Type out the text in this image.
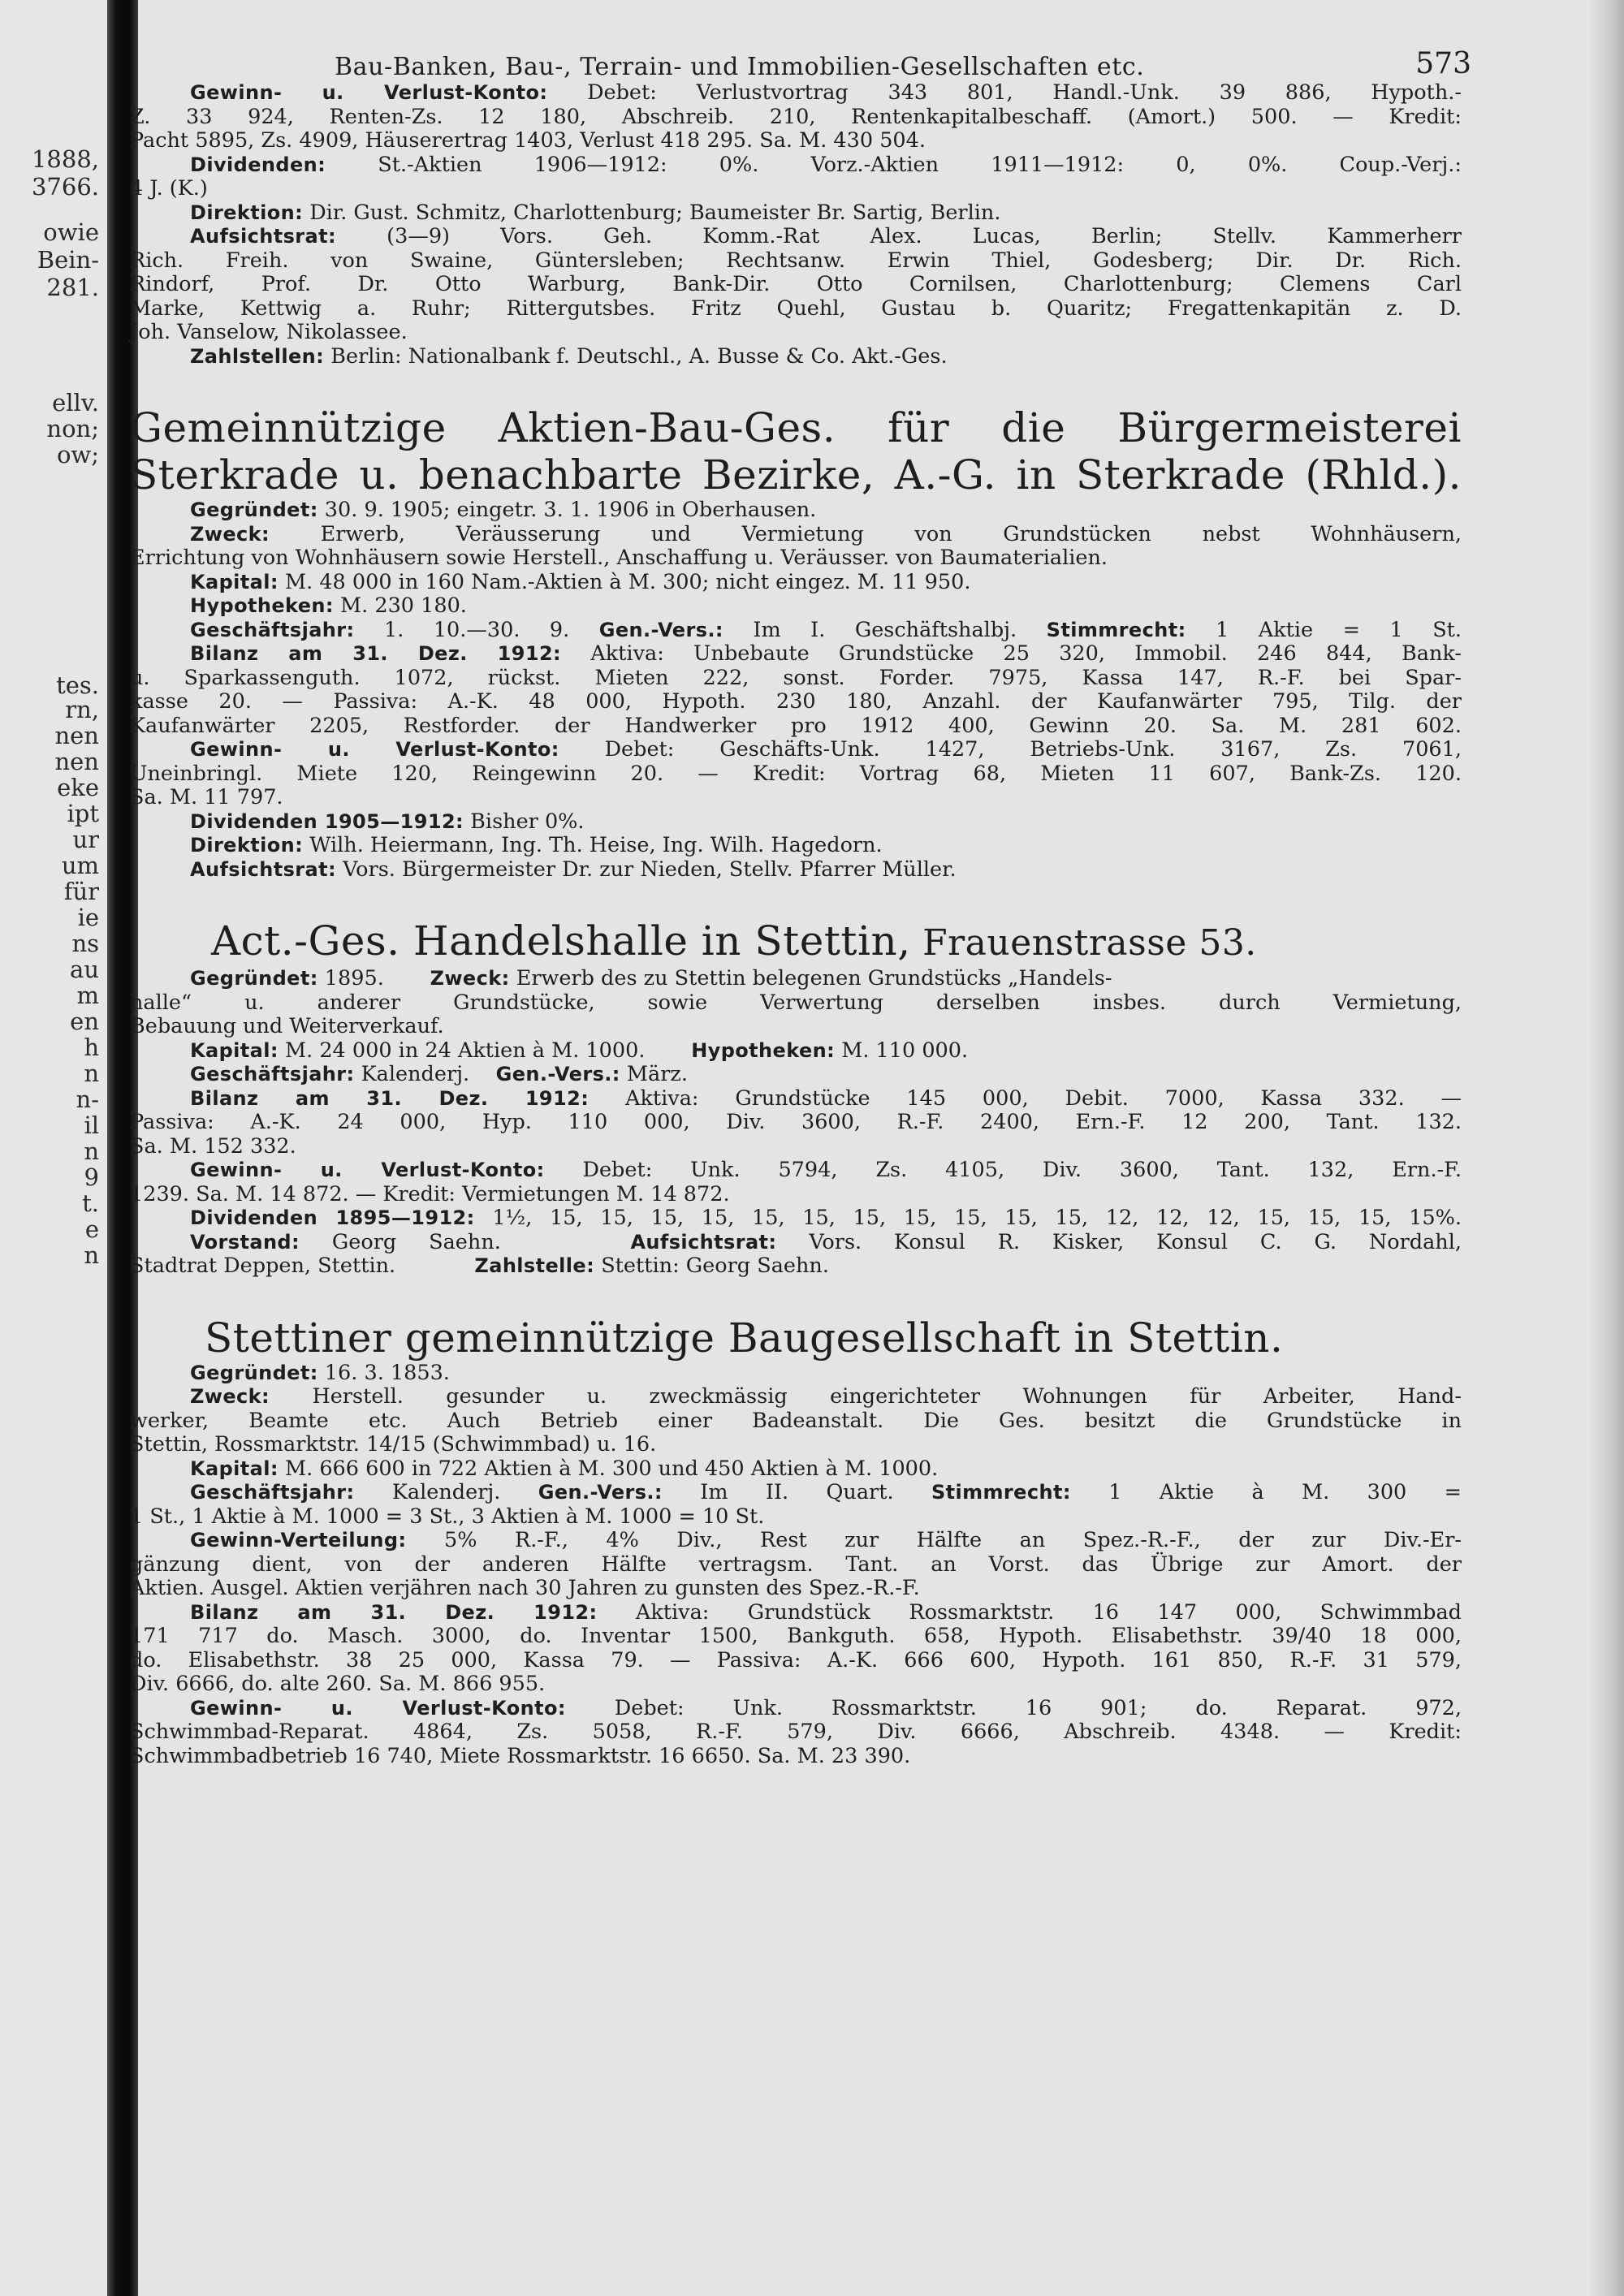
1888,
3766.
owie
Bein-
281.
ellv.
non;
ow;
tes.
rn,
nen
nen
eke
ipt
ur
um
für
ie
ns
au
m
en
h
n
n-
il
n
9
t.
e
n
Bau-Banken, Bau-, Terrain- und Immobilien-Gesellschaften etc.	573
Gewinn- u. Verlust-Konto: Debet: Verlustvortrag 343 801, Handl.-Unk. 39 886, Hypoth.-
Z. 33 924, Renten-Zs. 12 180, Abschreib. 210, Rentenkapitalbeschaff. (Amort.) 500. — Kredit:
Pacht 5895, Zs. 4909, Häuserertrag 1403, Verlust 418 295. Sa. M. 430 504.
Dividenden: St.-Aktien 1906—1912: 0%. Vorz.-Aktien 1911—1912: 0, 0%. Coup.-Verj.:
4 J. (K.)
Direktion: Dir. Gust. Schmitz, Charlottenburg; Baumeister Br. Sartig, Berlin.
Aufsichtsrat: (3—9) Vors. Geh. Komm.-Rat Alex. Lucas, Berlin; Stellv. Kammerherr
Rich. Freih. von Swaine, Güntersleben; Rechtsanw. Erwin Thiel, Godesberg; Dir. Dr. Rich.
Rindorf, Prof. Dr. Otto Warburg, Bank-Dir. Otto Cornilsen, Charlottenburg; Clemens Carl
Marke, Kettwig a. Ruhr; Rittergutsbes. Fritz Quehl, Gustau b. Quaritz; Fregattenkapitän z. D.
Joh. Vanselow, Nikolassee.
Zahlstellen: Berlin: Nationalbank f. Deutschl., A. Busse & Co. Akt.-Ges.
Gemeinnützige Aktien-Bau-Ges. für die Bürgermeisterei
Sterkrade u. benachbarte Bezirke, A.-G. in Sterkrade (Rhld.).
Gegründet: 30. 9. 1905; eingetr. 3. 1. 1906 in Oberhausen.
Zweck: Erwerb, Veräusserung und Vermietung von Grundstücken nebst Wohnhäusern,
Errichtung von Wohnhäusern sowie Herstell., Anschaffung u. Veräusser. von Baumaterialien.
Kapital: M. 48 000 in 160 Nam.-Aktien à M. 300; nicht eingez. M. 11 950.
Hypotheken: M. 230 180.
Geschäftsjahr: 1. 10.—30. 9. Gen.-Vers.: Im I. Geschäftshalbj. Stimmrecht: 1 Aktie = 1 St.
Bilanz am 31. Dez. 1912: Aktiva: Unbebaute Grundstücke 25 320, Immobil. 246 844, Bank-
u. Sparkassenguth. 1072, rückst. Mieten 222, sonst. Forder. 7975, Kassa 147, R.-F. bei Spar-
kasse 20. — Passiva: A.-K. 48 000, Hypoth. 230 180, Anzahl. der Kaufanwärter 795, Tilg. der
Kaufanwärter 2205, Restforder. der Handwerker pro 1912 400, Gewinn 20. Sa. M. 281 602.
Gewinn- u. Verlust-Konto: Debet: Geschäfts-Unk. 1427, Betriebs-Unk. 3167, Zs. 7061,
Uneinbringl. Miete 120, Reingewinn 20. — Kredit: Vortrag 68, Mieten 11 607, Bank-Zs. 120.
Sa. M. 11 797.
Dividenden 1905—1912: Bisher 0%.
Direktion: Wilh. Heiermann, Ing. Th. Heise, Ing. Wilh. Hagedorn.
Aufsichtsrat: Vors. Bürgermeister Dr. zur Nieden, Stellv. Pfarrer Müller.
Act.-Ges. Handelshalle in Stettin, Frauenstrasse 53.
Gegründet: 1895. Zweck: Erwerb des zu Stettin belegenen Grundstücks „Handels-
halle“ u. anderer Grundstücke, sowie Verwertung derselben insbes. durch Vermietung,
Bebauung und Weiterverkauf.
Kapital: M. 24 000 in 24 Aktien à M. 1000. Hypotheken: M. 110 000.
Geschäftsjahr: Kalenderj. Gen.-Vers.: März.
Bilanz am 31. Dez. 1912: Aktiva: Grundstücke 145 000, Debit. 7000, Kassa 332. —
Passiva: A.-K. 24 000, Hyp. 110 000, Div. 3600, R.-F. 2400, Ern.-F. 12 200, Tant. 132.
Sa. M. 152 332.
Gewinn- u. Verlust-Konto: Debet: Unk. 5794, Zs. 4105, Div. 3600, Tant. 132, Ern.-F.
1239. Sa. M. 14 872. — Kredit: Vermietungen M. 14 872.
Dividenden 1895—1912: 1½, 15, 15, 15, 15, 15, 15, 15, 15, 15, 15, 15, 12, 12, 12, 15, 15, 15, 15%.
Vorstand: Georg Saehn.	Aufsichtsrat: Vors. Konsul R. Kisker, Konsul C. G. Nordahl,
Stadtrat Deppen, Stettin.	Zahlstelle: Stettin: Georg Saehn.
Stettiner gemeinnützige Baugesellschaft in Stettin.
Gegründet: 16. 3. 1853.
Zweck: Herstell. gesunder u. zweckmässig eingerichteter Wohnungen für Arbeiter, Hand-
werker, Beamte etc. Auch Betrieb einer Badeanstalt. Die Ges. besitzt die Grundstücke in
Stettin, Rossmarktstr. 14/15 (Schwimmbad) u. 16.
Kapital: M. 666 600 in 722 Aktien à M. 300 und 450 Aktien à M. 1000.
Geschäftsjahr: Kalenderj. Gen.-Vers.: Im II. Quart. Stimmrecht: 1 Aktie à M. 300 =
1 St., 1 Aktie à M. 1000 = 3 St., 3 Aktien à M. 1000 = 10 St.
Gewinn-Verteilung: 5% R.-F., 4% Div., Rest zur Hälfte an Spez.-R.-F., der zur Div.-Er-
gänzung dient, von der anderen Hälfte vertragsm. Tant. an Vorst. das Übrige zur Amort. der
Aktien. Ausgel. Aktien verjähren nach 30 Jahren zu gunsten des Spez.-R.-F.
Bilanz am 31. Dez. 1912: Aktiva: Grundstück Rossmarktstr. 16 147 000, Schwimmbad
171 717 do. Masch. 3000, do. Inventar 1500, Bankguth. 658, Hypoth. Elisabethstr. 39/40 18 000,
do. Elisabethstr. 38 25 000, Kassa 79. — Passiva: A.-K. 666 600, Hypoth. 161 850, R.-F. 31 579,
Div. 6666, do. alte 260. Sa. M. 866 955.
Gewinn- u. Verlust-Konto: Debet: Unk. Rossmarktstr. 16 901; do. Reparat. 972,
Schwimmbad-Reparat. 4864, Zs. 5058, R.-F. 579, Div. 6666, Abschreib. 4348. — Kredit:
Schwimmbadbetrieb 16 740, Miete Rossmarktstr. 16 6650. Sa. M. 23 390.
